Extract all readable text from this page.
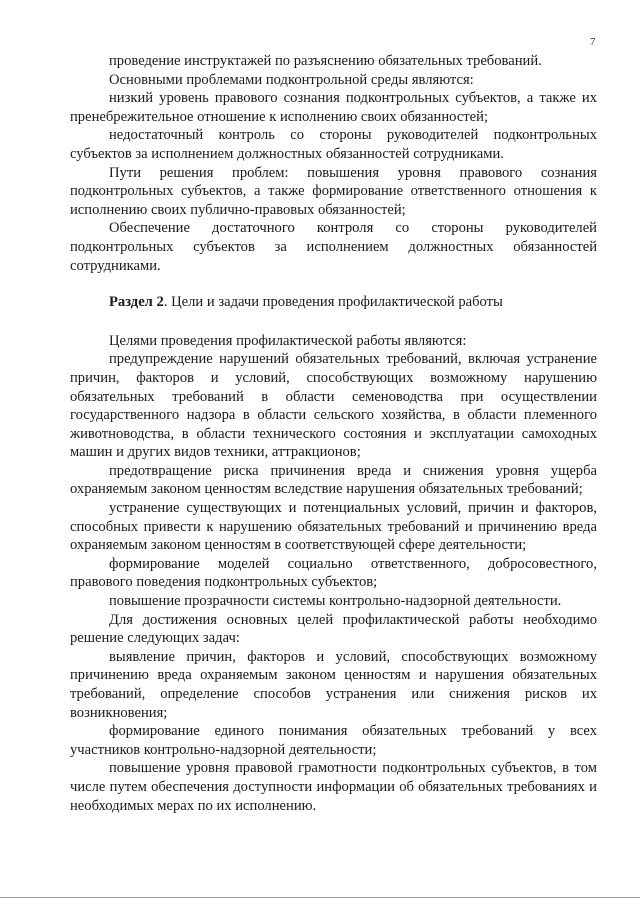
7

проведение инструктажей по разъяснению обязательных требований.

Основными проблемами подконтрольной среды являются:

низкий уровень правового сознания подконтрольных субъектов, а также их пренебрежительное отношение к исполнению своих обязанностей;

недостаточный контроль со стороны руководителей подконтрольных субъектов за исполнением должностных обязанностей сотрудниками.

Пути решения проблем: повышения уровня правового сознания подконтрольных субъектов, а также формирование ответственного отношения к исполнению своих публично-правовых обязанностей;

Обеспечение достаточного контроля со стороны руководителей подконтрольных субъектов за исполнением должностных обязанностей сотрудниками.

Раздел 2. Цели и задачи проведения профилактической работы

Целями проведения профилактической работы являются:

предупреждение нарушений обязательных требований, включая устранение причин, факторов и условий, способствующих возможному нарушению обязательных требований в области семеноводства при осуществлении государственного надзора в области сельского хозяйства, в области племенного животноводства, в области технического состояния и эксплуатации самоходных машин и других видов техники, аттракционов;

предотвращение риска причинения вреда и снижения уровня ущерба охраняемым законом ценностям вследствие нарушения обязательных требований;

устранение существующих и потенциальных условий, причин и факторов, способных привести к нарушению обязательных требований и причинению вреда охраняемым законом ценностям в соответствующей сфере деятельности;

формирование моделей социально ответственного, добросовестного, правового поведения подконтрольных субъектов;

повышение прозрачности системы контрольно-надзорной деятельности.

Для достижения основных целей профилактической работы необходимо решение следующих задач:

выявление причин, факторов и условий, способствующих возможному причинению вреда охраняемым законом ценностям и нарушения обязательных требований, определение способов устранения или снижения рисков их возникновения;

формирование единого понимания обязательных требований у всех участников контрольно-надзорной деятельности;

повышение уровня правовой грамотности подконтрольных субъектов, в том числе путем обеспечения доступности информации об обязательных требованиях и необходимых мерах по их исполнению.
